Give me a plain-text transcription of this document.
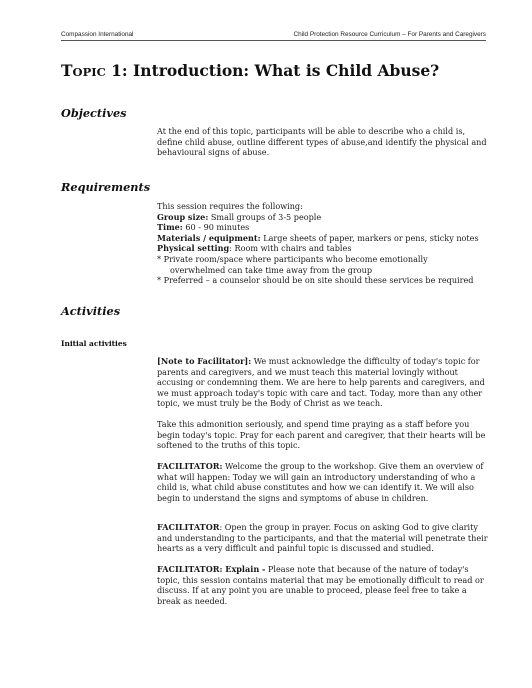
Compassion International	Child Protection Resource Curriculum – For Parents and Caregivers
TOPIC 1: Introduction: What is Child Abuse?
Objectives

At the end of this topic, participants will be able to describe who a child is, define child abuse, outline different types of abuse,and identify the physical and behavioural signs of abuse.

Requirements

This session requires the following:

Group size: Small groups of 3-5 people

Time: 60 - 90 minutes

Materials / equipment: Large sheets of paper, markers or pens, sticky notes

Physical setting: Room with chairs and tables

* Private room/space where participants who become emotionally

overwhelmed can take time away from the group

* Preferred – a counselor should be on site should these services be required

Activities
Initial activities

[Note to Facilitator]: We must acknowledge the difficulty of today's topic for parents and caregivers, and we must teach this material lovingly without accusing or condemning them. We are here to help parents and caregivers, and we must approach today's topic with care and tact. Today, more than any other topic, we must truly be the Body of Christ as we teach.

Take this admonition seriously, and spend time praying as a staff before you begin today's topic. Pray for each parent and caregiver, that their hearts will be softened to the truths of this topic.

FACILITATOR: Welcome the group to the workshop. Give them an overview of what will happen: Today we will gain an introductory understanding of who a child is, what child abuse constitutes and how we can identify it. We will also begin to understand the signs and symptoms of abuse in children.

FACILITATOR: Open the group in prayer. Focus on asking God to give clarity and understanding to the participants, and that the material will penetrate their hearts as a very difficult and painful topic is discussed and studied.

FACILITATOR: Explain - Please note that because of the nature of today's topic, this session contains material that may be emotionally difficult to read or discuss. If at any point you are unable to proceed, please feel free to take a break as needed.
